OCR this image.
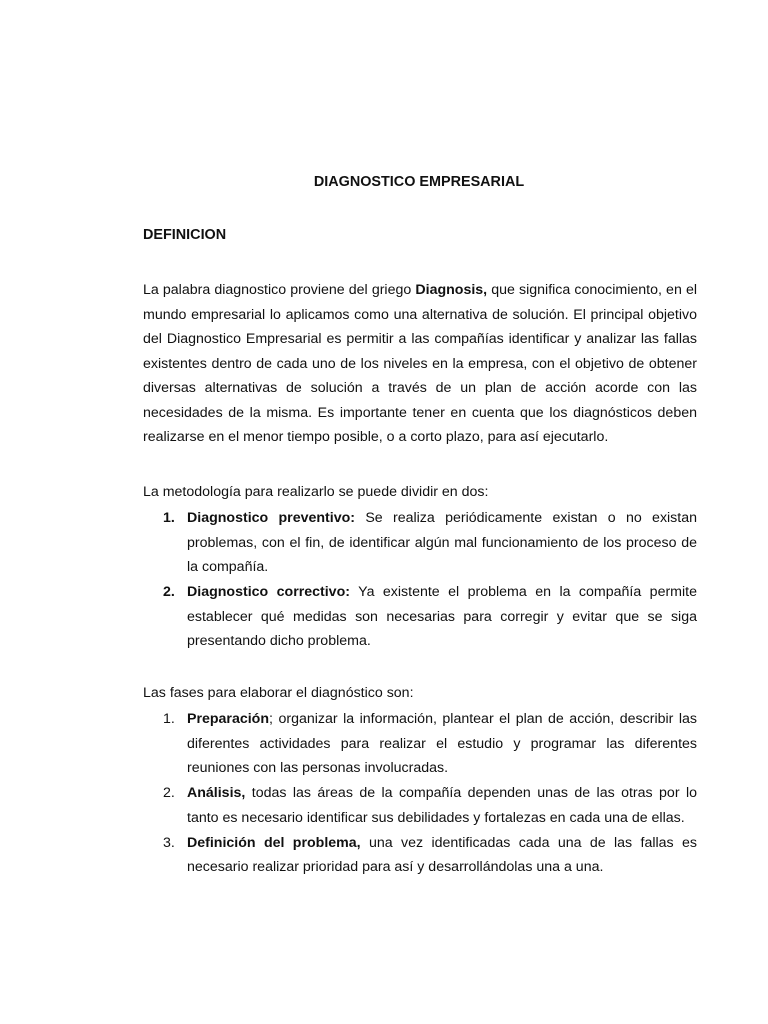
DIAGNOSTICO EMPRESARIAL
DEFINICION

La palabra diagnostico proviene del griego Diagnosis, que significa conocimiento, en el mundo empresarial lo aplicamos como una alternativa de solución. El principal objetivo del Diagnostico Empresarial es permitir a las compañías identificar y analizar las fallas existentes dentro de cada uno de los niveles en la empresa, con el objetivo de obtener diversas alternativas de solución a través de un plan de acción acorde con las necesidades de la misma. Es importante tener en cuenta que los diagnósticos deben realizarse en el menor tiempo posible, o a corto plazo, para así ejecutarlo.

La metodología para realizarlo se puede dividir en dos:

1. Diagnostico preventivo: Se realiza periódicamente existan o no existan problemas, con el fin, de identificar algún mal funcionamiento de los proceso de la compañía.
2. Diagnostico correctivo: Ya existente el problema en la compañía permite establecer qué medidas son necesarias para corregir y evitar que se siga presentando dicho problema.

Las fases para elaborar el diagnóstico son:

1. Preparación; organizar la información, plantear el plan de acción, describir las diferentes actividades para realizar el estudio y programar las diferentes reuniones con las personas involucradas.
2. Análisis, todas las áreas de la compañía dependen unas de las otras por lo tanto es necesario identificar sus debilidades y fortalezas en cada una de ellas.
3. Definición del problema, una vez identificadas cada una de las fallas es necesario realizar prioridad para así y desarrollándolas una a una.
